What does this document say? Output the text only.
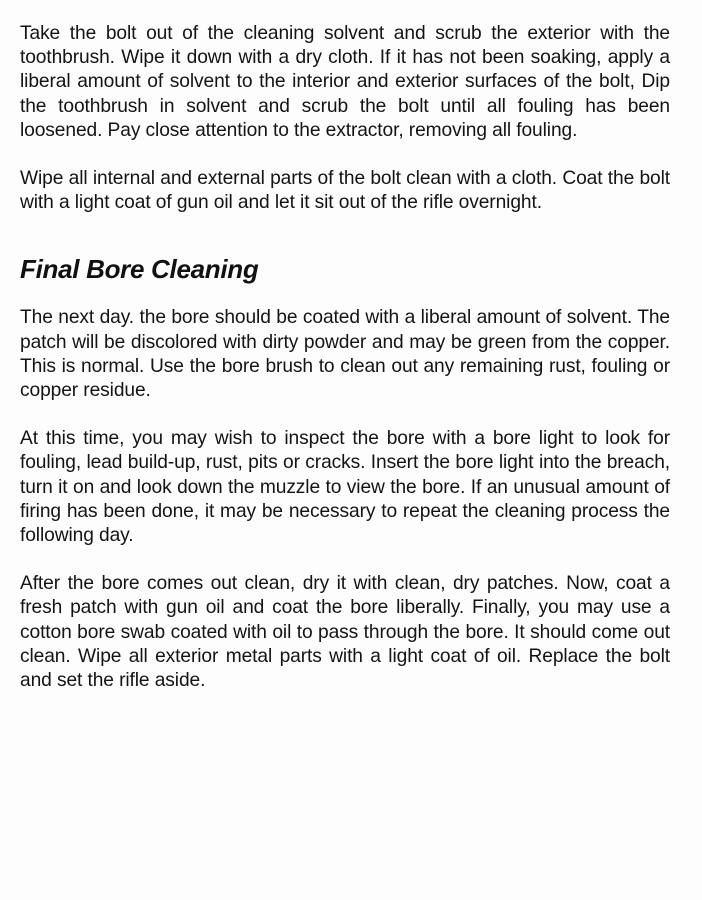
Take the bolt out of the cleaning solvent and scrub the exterior with the toothbrush. Wipe it down with a dry cloth. If it has not been soaking, apply a liberal amount of solvent to the interior and exterior surfaces of the bolt, Dip the toothbrush in solvent and scrub the bolt until all fouling has been loosened. Pay close attention to the extractor, removing all fouling.

Wipe all internal and external parts of the bolt clean with a cloth. Coat the bolt with a light coat of gun oil and let it sit out of the rifle overnight.

Final Bore Cleaning

The next day. the bore should be coated with a liberal amount of solvent. The patch will be discolored with dirty powder and may be green from the copper. This is normal. Use the bore brush to clean out any remaining rust, fouling or copper residue.

At this time, you may wish to inspect the bore with a bore light to look for fouling, lead build-up, rust, pits or cracks. Insert the bore light into the breach, turn it on and look down the muzzle to view the bore. If an unusual amount of firing has been done, it may be necessary to repeat the cleaning process the following day.

After the bore comes out clean, dry it with clean, dry patches. Now, coat a fresh patch with gun oil and coat the bore liberally. Finally, you may use a cotton bore swab coated with oil to pass through the bore. It should come out clean. Wipe all exterior metal parts with a light coat of oil. Replace the bolt and set the rifle aside.
